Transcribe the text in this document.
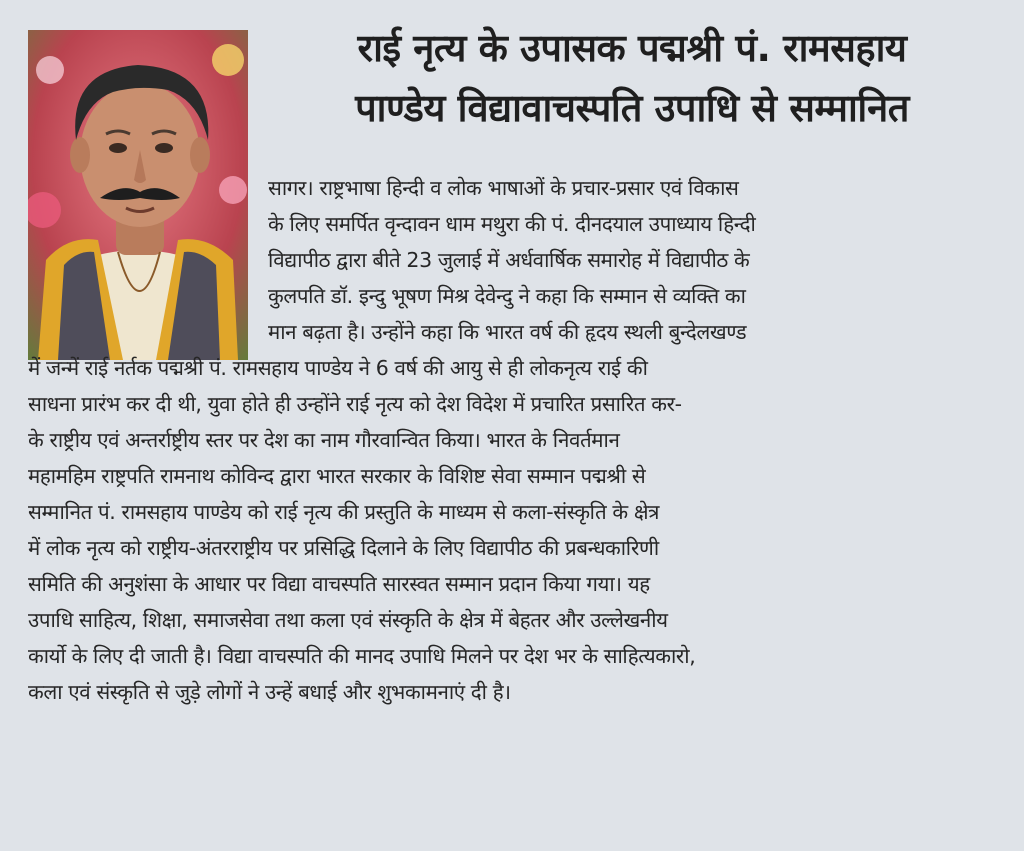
राई नृत्य के उपासक पद्मश्री पं. रामसहाय
पाण्डेय विद्यावाचस्पति उपाधि से सम्मानित
सागर। राष्ट्रभाषा हिन्दी व लोक भाषाओं के प्रचार-प्रसार एवं विकास
के लिए समर्पित वृन्दावन धाम मथुरा की पं. दीनदयाल उपाध्याय हिन्दी
विद्यापीठ द्वारा बीते 23 जुलाई में अर्धवार्षिक समारोह में विद्यापीठ के
कुलपति डॉ. इन्दु भूषण मिश्र देवेन्दु ने कहा कि सम्मान से व्यक्ति का
मान बढ़ता है। उन्होंने कहा कि भारत वर्ष की हृदय स्थली बुन्देलखण्ड
में जन्में राई नर्तक पद्मश्री पं. रामसहाय पाण्डेय ने 6 वर्ष की आयु से ही लोकनृत्य राई की
साधना प्रारंभ कर दी थी, युवा होते ही उन्होंने राई नृत्य को देश विदेश में प्रचारित प्रसारित कर-
के राष्ट्रीय एवं अन्तर्राष्ट्रीय स्तर पर देश का नाम गौरवान्वित किया। भारत के निवर्तमान
महामहिम राष्ट्रपति रामनाथ कोविन्द द्वारा भारत सरकार के विशिष्ट सेवा सम्मान पद्मश्री से
सम्मानित पं. रामसहाय पाण्डेय को राई नृत्य की प्रस्तुति के माध्यम से कला-संस्कृति के क्षेत्र
में लोक नृत्य को राष्ट्रीय-अंतरराष्ट्रीय पर प्रसिद्धि दिलाने के लिए विद्यापीठ की प्रबन्धकारिणी
समिति की अनुशंसा के आधार पर विद्या वाचस्पति सारस्वत सम्मान प्रदान किया गया। यह
उपाधि साहित्य, शिक्षा, समाजसेवा तथा कला एवं संस्कृति के क्षेत्र में बेहतर और उल्लेखनीय
कार्यो के लिए दी जाती है। विद्या वाचस्पति की मानद उपाधि मिलने पर देश भर के साहित्यकारो,
कला एवं संस्कृति से जुड़े लोगों ने उन्हें बधाई और शुभकामनाएं दी है।
